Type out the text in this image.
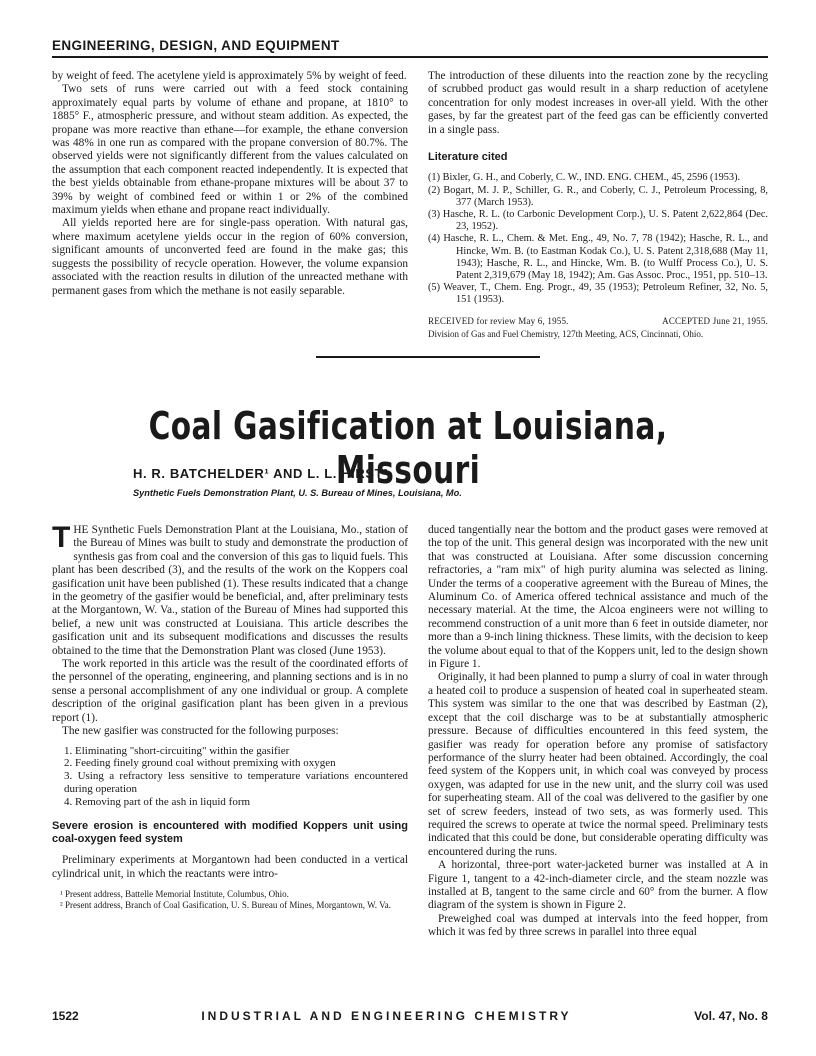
ENGINEERING, DESIGN, AND EQUIPMENT

by weight of feed. The acetylene yield is approximately 5% by weight of feed.

Two sets of runs were carried out with a feed stock containing approximately equal parts by volume of ethane and propane, at 1810° to 1885° F., atmospheric pressure, and without steam addition. As expected, the propane was more reactive than ethane—for example, the ethane conversion was 48% in one run as compared with the propane conversion of 80.7%. The observed yields were not significantly different from the values calculated on the assumption that each component reacted independently. It is expected that the best yields obtainable from ethane-propane mixtures will be about 37 to 39% by weight of combined feed or within 1 or 2% of the combined maximum yields when ethane and propane react individually.

All yields reported here are for single-pass operation. With natural gas, where maximum acetylene yields occur in the region of 60% conversion, significant amounts of unconverted feed are found in the make gas; this suggests the possibility of recycle operation. However, the volume expansion associated with the reaction results in dilution of the unreacted methane with permanent gases from which the methane is not easily separable.

The introduction of these diluents into the reaction zone by the recycling of scrubbed product gas would result in a sharp reduction of acetylene concentration for only modest increases in over-all yield. With the other gases, by far the greatest part of the feed gas can be efficiently converted in a single pass.

Literature cited
(1) Bixler, G. H., and Coberly, C. W., IND. ENG. CHEM., 45, 2596 (1953).
(2) Bogart, M. J. P., Schiller, G. R., and Coberly, C. J., Petroleum Processing, 8, 377 (March 1953).
(3) Hasche, R. L. (to Carbonic Development Corp.), U. S. Patent 2,622,864 (Dec. 23, 1952).
(4) Hasche, R. L., Chem. & Met. Eng., 49, No. 7, 78 (1942); Hasche, R. L., and Hincke, Wm. B. (to Eastman Kodak Co.), U. S. Patent 2,318,688 (May 11, 1943); Hasche, R. L., and Hincke, Wm. B. (to Wulff Process Co.), U. S. Patent 2,319,679 (May 18, 1942); Am. Gas Assoc. Proc., 1951, pp. 510–13.
(5) Weaver, T., Chem. Eng. Progr., 49, 35 (1953); Petroleum Refiner, 32, No. 5, 151 (1953).
RECEIVED for review May 6, 1955.	ACCEPTED June 21, 1955.
Division of Gas and Fuel Chemistry, 127th Meeting, ACS, Cincinnati, Ohio.
Coal Gasification at Louisiana, Missouri
H. R. BATCHELDER¹ AND L. L. HIRST²
Synthetic Fuels Demonstration Plant, U. S. Bureau of Mines, Louisiana, Mo.

THE Synthetic Fuels Demonstration Plant at the Louisiana, Mo., station of the Bureau of Mines was built to study and demonstrate the production of synthesis gas from coal and the conversion of this gas to liquid fuels. This plant has been described (3), and the results of the work on the Koppers coal gasification unit have been published (1). These results indicated that a change in the geometry of the gasifier would be beneficial, and, after preliminary tests at the Morgantown, W. Va., station of the Bureau of Mines had supported this belief, a new unit was constructed at Louisiana. This article describes the gasification unit and its subsequent modifications and discusses the results obtained to the time that the Demonstration Plant was closed (June 1953).

The work reported in this article was the result of the coordinated efforts of the personnel of the operating, engineering, and planning sections and is in no sense a personal accomplishment of any one individual or group. A complete description of the original gasification plant has been given in a previous report (1).

The new gasifier was constructed for the following purposes:

1. Eliminating "short-circuiting" within the gasifier
2. Feeding finely ground coal without premixing with oxygen
3. Using a refractory less sensitive to temperature variations encountered during operation
4. Removing part of the ash in liquid form
Severe erosion is encountered with modified Koppers unit using coal-oxygen feed system

Preliminary experiments at Morgantown had been conducted in a vertical cylindrical unit, in which the reactants were intro-

¹ Present address, Battelle Memorial Institute, Columbus, Ohio.
² Present address, Branch of Coal Gasification, U. S. Bureau of Mines, Morgantown, W. Va.

duced tangentially near the bottom and the product gases were removed at the top of the unit. This general design was incorporated with the new unit that was constructed at Louisiana. After some discussion concerning refractories, a "ram mix" of high purity alumina was selected as lining. Under the terms of a cooperative agreement with the Bureau of Mines, the Aluminum Co. of America offered technical assistance and much of the necessary material. At the time, the Alcoa engineers were not willing to recommend construction of a unit more than 6 feet in outside diameter, nor more than a 9-inch lining thickness. These limits, with the decision to keep the volume about equal to that of the Koppers unit, led to the design shown in Figure 1.

Originally, it had been planned to pump a slurry of coal in water through a heated coil to produce a suspension of heated coal in superheated steam. This system was similar to the one that was described by Eastman (2), except that the coil discharge was to be at substantially atmospheric pressure. Because of difficulties encountered in this feed system, the gasifier was ready for operation before any promise of satisfactory performance of the slurry heater had been obtained. Accordingly, the coal feed system of the Koppers unit, in which coal was conveyed by process oxygen, was adapted for use in the new unit, and the slurry coil was used for superheating steam. All of the coal was delivered to the gasifier by one set of screw feeders, instead of two sets, as was formerly used. This required the screws to operate at twice the normal speed. Preliminary tests indicated that this could be done, but considerable operating difficulty was encountered during the runs.

A horizontal, three-port water-jacketed burner was installed at A in Figure 1, tangent to a 42-inch-diameter circle, and the steam nozzle was installed at B, tangent to the same circle and 60° from the burner. A flow diagram of the system is shown in Figure 2.

Preweighed coal was dumped at intervals into the feed hopper, from which it was fed by three screws in parallel into three equal

1522	INDUSTRIAL AND ENGINEERING CHEMISTRY	Vol. 47, No. 8
